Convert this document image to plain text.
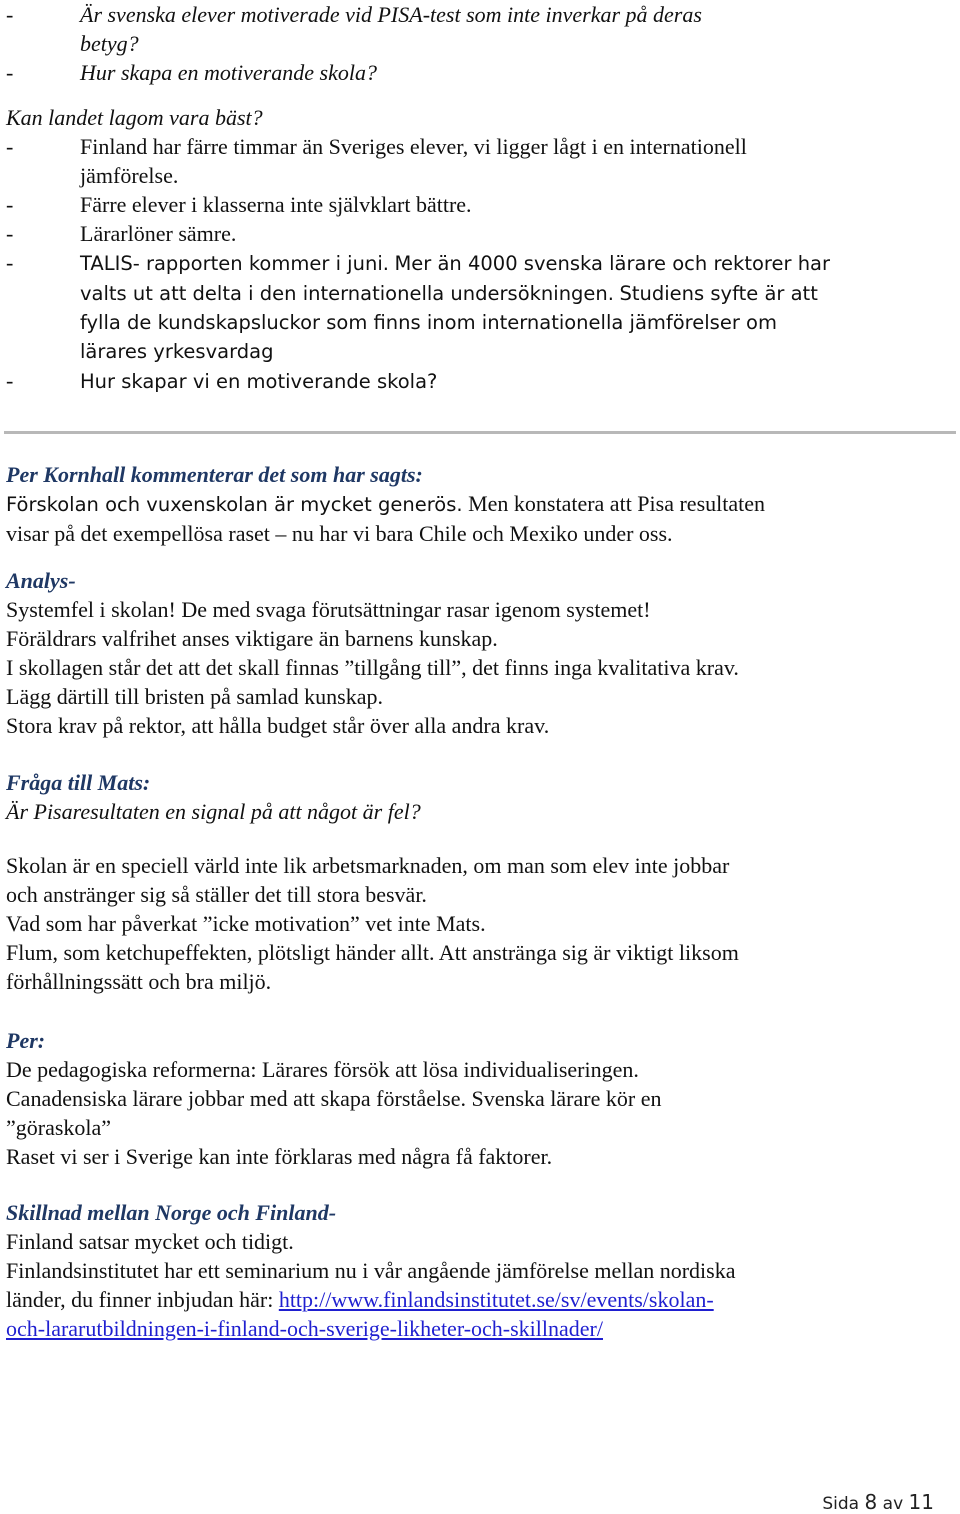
-	Är svenska elever motiverade vid PISA-test som inte inverkar på deras
betyg?
-	Hur skapa en motiverande skola?
Kan landet lagom vara bäst?
-	Finland har färre timmar än Sveriges elever, vi ligger lågt i en internationell
jämförelse.
-	Färre elever i klasserna inte självklart bättre.
-	Lärarlöner sämre.
-	TALIS- rapporten kommer i juni. Mer än 4000 svenska lärare och rektorer har
valts ut att delta i den internationella undersökningen. Studiens syfte är att
fylla de kundskapsluckor som finns inom internationella jämförelser om
lärares yrkesvardag
-	Hur skapar vi en motiverande skola?
Per Kornhall kommenterar det som har sagts:
Förskolan och vuxenskolan är mycket generös. Men konstatera att Pisa resultaten
visar på det exempellösa raset – nu har vi bara Chile och Mexiko under oss.
Analys-
Systemfel i skolan! De med svaga förutsättningar rasar igenom systemet!
Föräldrars valfrihet anses viktigare än barnens kunskap.
I skollagen står det att det skall finnas ”tillgång till”, det finns inga kvalitativa krav.
Lägg därtill till bristen på samlad kunskap.
Stora krav på rektor, att hålla budget står över alla andra krav.
Fråga till Mats:
Är Pisaresultaten en signal på att något är fel?
Skolan är en speciell värld inte lik arbetsmarknaden, om man som elev inte jobbar
och anstränger sig så ställer det till stora besvär.
Vad som har påverkat ”icke motivation” vet inte Mats.
Flum, som ketchupeffekten, plötsligt händer allt. Att anstränga sig är viktigt liksom
förhållningssätt och bra miljö.
Per:
De pedagogiska reformerna: Lärares försök att lösa individualiseringen.
Canadensiska lärare jobbar med att skapa förståelse. Svenska lärare kör en
”göraskola”
Raset vi ser i Sverige kan inte förklaras med några få faktorer.
Skillnad mellan Norge och Finland-
Finland satsar mycket och tidigt.
Finlandsinstitutet har ett seminarium nu i vår angående jämförelse mellan nordiska
länder, du finner inbjudan här: http://www.finlandsinstitutet.se/sv/events/skolan-
och-lararutbildningen-i-finland-och-sverige-likheter-och-skillnader/
Sida 8 av 11
